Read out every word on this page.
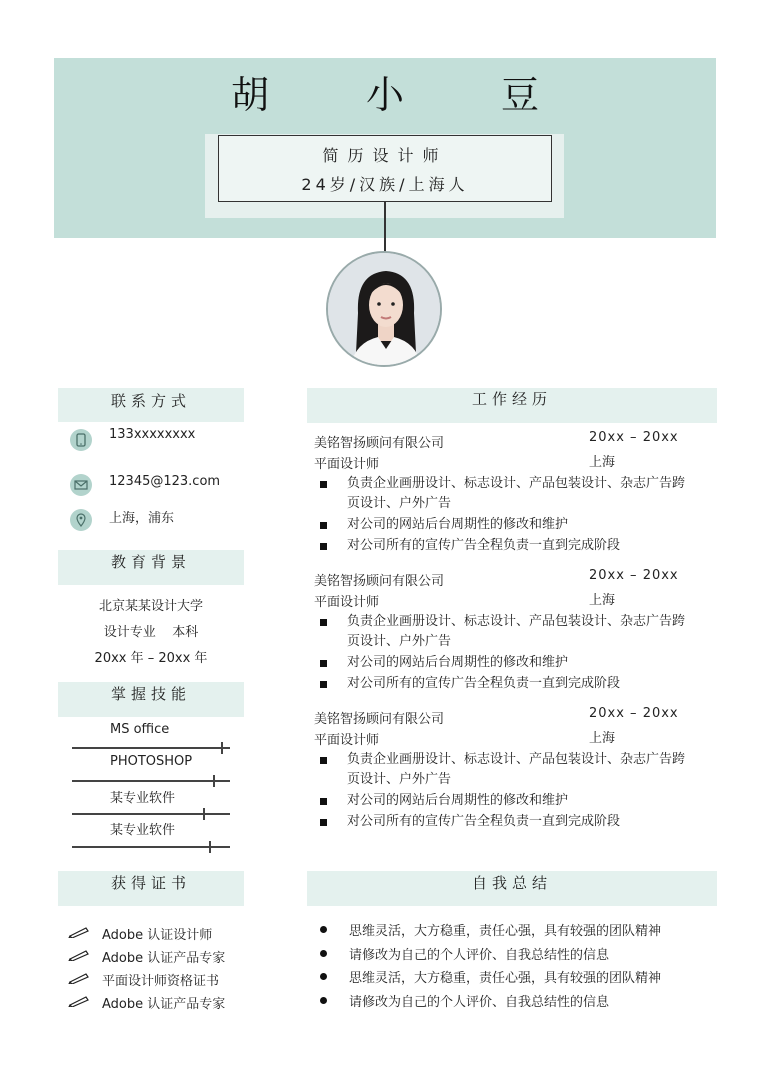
胡	小	豆
简历设计师
24岁/汉族/上海人
联系方式
133xxxxxxxx
12345@123.com
上海，浦东
教育背景
北京某某设计大学
设计专业    本科
20xx 年 – 20xx 年
掌握技能
MS office
PHOTOSHOP
某专业软件
某专业软件
获得证书
Adobe 认证设计师
Adobe 认证产品专家
平面设计师资格证书
Adobe 认证产品专家
工作经历
美铭智扬顾问有限公司	20xx – 20xx
平面设计师	上海
负责企业画册设计、标志设计、产品包装设计、杂志广告跨页设计、户外广告
对公司的网站后台周期性的修改和维护
对公司所有的宣传广告全程负责一直到完成阶段
美铭智扬顾问有限公司	20xx – 20xx
平面设计师	上海
负责企业画册设计、标志设计、产品包装设计、杂志广告跨页设计、户外广告
对公司的网站后台周期性的修改和维护
对公司所有的宣传广告全程负责一直到完成阶段
美铭智扬顾问有限公司	20xx – 20xx
平面设计师	上海
负责企业画册设计、标志设计、产品包装设计、杂志广告跨页设计、户外广告
对公司的网站后台周期性的修改和维护
对公司所有的宣传广告全程负责一直到完成阶段
自我总结
思维灵活，大方稳重，责任心强，具有较强的团队精神
请修改为自己的个人评价、自我总结性的信息
思维灵活，大方稳重，责任心强，具有较强的团队精神
请修改为自己的个人评价、自我总结性的信息
